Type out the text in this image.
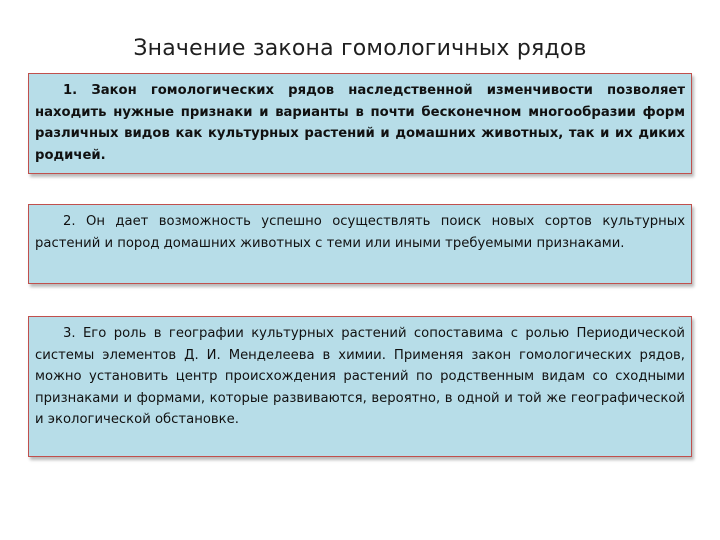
Значение закона гомологичных рядов

1. Закон гомологических рядов наследственной изменчивости позволяет находить нужные признаки и варианты в почти бесконечном многообразии форм различных видов как культурных растений и домашних животных, так и их диких родичей.

2. Он дает возможность успешно осуществлять поиск новых сортов культурных растений и пород домашних животных с теми или иными требуемыми признаками.

3. Его роль в географии культурных растений сопоставима с ролью Периодической системы элементов Д. И. Менделеева в химии. Применяя закон гомологических рядов, можно установить центр происхождения растений по родственным видам со сходными признаками и формами, которые развиваются, вероятно, в одной и той же географической и экологической обстановке.
